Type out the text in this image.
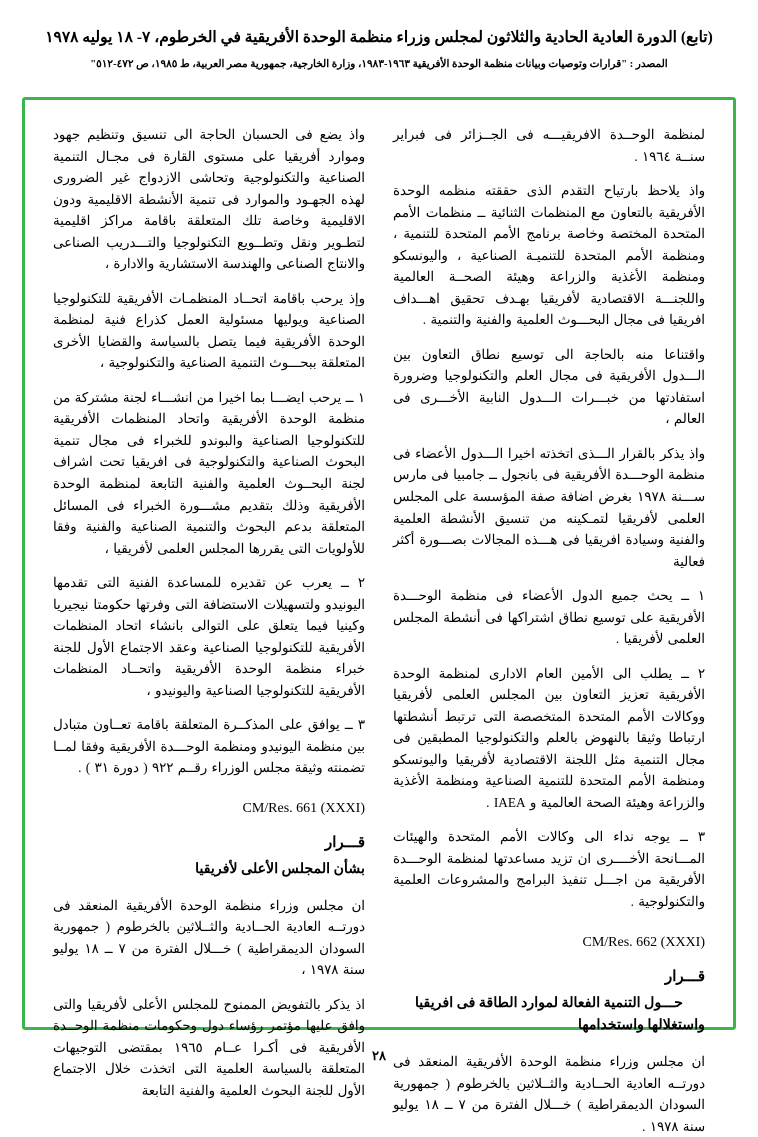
(تابع) الدورة العادية الحادية والثلاثون لمجلس وزراء منظمة الوحدة الأفريقية في الخرطوم، ٧- ١٨ يوليه ١٩٧٨
المصدر : "قرارات وتوصيات وبيانات منظمة الوحدة الأفريقية ١٩٦٣-١٩٨٣، وزارة الخارجية، جمهورية مصر العربية، ط ١٩٨٥، ص ٤٧٢-٥١٢"

لمنظمة الوحــدة الافريقيـــه فى الجــزائر فى فبراير سنــة ١٩٦٤ .

واذ يلاحظ بارتياح التقدم الذى حققته منظمه الوحدة الأفريقية بالتعاون مع المنظمات الثنائية ــ منظمات الأمم المتحدة المختصة وخاصة برنامج الأمم المتحدة للتنمية ، ومنظمة الأمم المتحدة للتنميـة الصناعية ، واليونسكو ومنظمة الأغذية والزراعة وهيئة الصحــة العالمية واللجنـــة الاقتصادية لأفريقيا بهـدف تحقيق اهـــداف افريقيا فى مجال البحـــوث العلمية والفنية والتنمية .

واقتناعا منه بالحاجة الى توسيع نطاق التعاون بين الـــدول الأفريقية فى مجال العلم والتكنولوجيا وضرورة استفادتها من خبـــرات الـــدول النابية الأخـــرى فى العالم ،

واذ يذكر بالقرار الـــذى اتخذته اخيرا الـــدول الأعضاء فى منظمة الوحـــدة الأفريقية فى بانجول ــ جامبيا فى مارس ســـنة ١٩٧٨ بغرض اضافة صفة المؤسسة على المجلس العلمى لأفريقيا لتمـكينه من تنسيق الأنشطة العلمية والفنية وسيادة افريقيا فى هـــذه المجالات بصـــورة أكثر فعالية

١ ــ يحث جميع الدول الأعضاء فى منظمة الوحـــدة الأفريقية على توسيع نطاق اشتراكها فى أنشطة المجلس العلمى لأفريقيا .

٢ ــ يطلب الى الأمين العام الادارى لمنظمة الوحدة الأفريقية تعزيز التعاون بين المجلس العلمى لأفريقيا ووكالات الأمم المتحدة المتخصصة التى ترتبط أنشطتها ارتباطا وثيقا بالنهوض بالعلم والتكنولوجيا المطبقين فى مجال التنمية مثل اللجنة الاقتصادية لأفريقيا واليونسكو ومنظمة الأمم المتحدة للتنمية الصناعية ومنظمة الأغذية والزراعة وهيئة الصحة العالمية و IAEA .

٣ ــ يوجه نداء الى وكالات الأمم المتحدة والهيئات المـــانحة الأخــــرى ان تزيد مساعدتها لمنظمة الوحـــدة الأفريقية من اجـــل تنفيذ البرامج والمشروعات العلمية والتكنولوجية .

CM/Res. 662 (XXXI)
قـــرار
حـــول التنمية الفعالة لموارد الطاقة فى افريقيا واستغلالها واستخدامها

ان مجلس وزراء منظمة الوحدة الأفريقية المنعقد فى دورتــه العادية الحــادية والثــلاثين بالخرطوم ( جمهورية السودان الديمقراطية ) خـــلال الفترة من ٧ ــ ١٨ يوليو سنة ١٩٧٨ .

واذ يضع فى الحسبان الحاجة الى تنسيق وتنظيم جهود وموارد أفريقيا على مستوى القارة فى مجـال التنمية الصناعية والتكنولوجية وتحاشى الازدواج غير الضرورى لهذه الجهـود والموارد فى تنمية الأنشطة الاقليمية ودون الاقليمية وخاصة تلك المتعلقة باقامة مراكز اقليمية لتطـوير ونقل وتطــويع التكنولوجيا والتـــدريب الصناعى والانتاج الصناعى والهندسة الاستشارية والادارة ،

وإذ يرحب باقامة اتحــاد المنظمـات الأفريقية للتكنولوجيا الصناعية ويوليها مسئولية العمل كذراع فنية لمنظمة الوحدة الأفريقية فيما يتصل بالسياسة والقضايا الأخرى المتعلقة ببحـــوث التنمية الصناعية والتكنولوجية ،

١ ــ يرحب ايضـــا بما اخيرا من انشـــاء لجنة مشتركة من منظمة الوحدة الأفريقية واتحاد المنظمات الأفريقية للتكنولوجيا الصناعية والبوندو للخبراء فى مجال تنمية البحوث الصناعية والتكنولوجية فى افريقيا تحت اشراف لجنة البحــوث العلمية والفنية التابعة لمنظمة الوحدة الأفريقية وذلك بتقديم مشـــورة الخبراء فى المسائل المتعلقة بدعم البحوث والتنمية الصناعية والفنية وفقا للأولويات التى يقررها المجلس العلمى لأفريقيا ،

٢ ــ يعرب عن تقديره للمساعدة الفنية التى تقدمها اليونيدو ولتسهيلات الاستضافة التى وفرتها حكومتا نيجيريا وكينيا فيما يتعلق على التوالى بانشاء اتحاد المنظمات الأفريقية للتكنولوجيا الصناعية وعقد الاجتماع الأول للجنة خبراء منظمة الوحدة الأفريقية واتحــاد المنظمات الأفريقية للتكنولوجيا الصناعية واليونيدو ،

٣ ــ يوافق على المذكــرة المتعلقة باقامة تعــاون متبادل بين منظمة اليونيدو ومنظمة الوحـــدة الأفريقية وفقا لمــا تضمنته وثيقة مجلس الوزراء رقــم ٩٢٢ ( دورة ٣١ ) .

CM/Res. 661 (XXXI)
قـــرار
بشأن المجلس الأعلى لأفريقيا

ان مجلس وزراء منظمة الوحدة الأفريقية المنعقد فى دورتــه العادية الحــادية والثــلاثين بالخرطوم ( جمهورية السودان الديمقراطية ) خـــلال الفترة من ٧ ــ ١٨ يوليو سنة ١٩٧٨ ،

اذ يذكر بالتفويض الممنوح للمجلس الأعلى لأفريقيا والتى وافق عليها مؤتمر رؤساء دول وحكومات منظمة الوحــدة الأفريقية فى أكـرا عــام ١٩٦٥ بمقتضى التوجيهات المتعلقة بالسياسة العلمية التى اتخذت خلال الاجتماع الأول للجنة البحوث العلمية والفنية التابعة

٢٨
